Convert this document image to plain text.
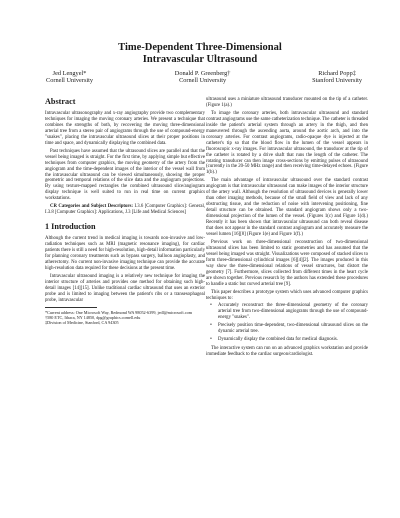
Time-Dependent Three-Dimensional
Intravascular Ultrasound
Jed Lengyel*
Cornell University
Donald P. Greenberg†
Cornell University
Richard Popp‡
Stanford University
Abstract

Intravascular ultrasonography and x-ray angiography provide two complementary techniques for imaging the moving coronary arteries. We present a technique that combines the strengths of both, by recovering the moving three-dimensional arterial tree from a stereo pair of angiograms through the use of compound-energy "snakes", placing the intravascular ultrasound slices at their proper positions in time and space, and dynamically displaying the combined data.

Past techniques have assumed that the ultrasound slices are parallel and that the vessel being imaged is straight. For the first time, by applying simple but effective techniques from computer graphics, the moving geometry of the artery from the angiogram and the time-dependent images of the interior of the vessel wall from the intravascular ultrasound can be viewed simultaneously, showing the proper geometric and temporal relations of the slice data and the angiogram projections. By using texture-mapped rectangles the combined ultrasound slice/angiogram display technique is well suited to run in real time on current graphics workstations.

CR Categories and Subject Descriptors: I.3.6 [Computer Graphics]: General, I.3.8 [Computer Graphics]: Applications, J.3 [Life and Medical Sciences]

1 Introduction

Although the current trend in medical imaging is towards non-invasive and low-radiation techniques such as MRI (magnetic resonance imaging), for cardiac patients there is still a need for high-resolution, high-detail information particularly for planning coronary treatments such as bypass surgery, balloon angioplasty, and atherectomy. No current non-invasive imaging technique can provide the accurate high-resolution data required for these decisions at the present time.

Intravascular ultrasound imaging is a relatively new technique for imaging the interior structure of arteries and provides one method for obtaining such high-detail images [14][15]. Unlike traditional cardiac ultrasound that uses an exterior probe and is limited to imaging between the patient's ribs or a transesophageal probe, intravascular

*Current address: One Microsoft Way, Redmond WA 98052-6399, jedl@microsoft.com

†580 ETC, Ithaca, NY 14850, dpg@graphics.cornell.edu

‡Division of Medicine, Stanford, CA 94305

ultrasound uses a miniature ultrasound transducer mounted on the tip of a catheter. (Figure 1(a).)

To image the coronary arteries, both intravascular ultrasound and standard contrast angiograms use the same catheterization technique. The catheter is threaded inside the patient's arterial system through an artery in the thigh, and then maneuvered through the ascending aorta, around the aortic arch, and into the coronary arteries. For contrast angiograms, radio-opaque dye is injected at the catheter's tip so that the blood flow in the lumen of the vessel appears in fluoroscopic x-ray images. For intravascular ultrasound, the transducer at the tip of the catheter is rotated by a drive shaft that runs the length of the catheter. The rotating transducer can then image cross-sections by emitting pulses of ultrasound (currently in the 20-50 MHz range) and then receiving time-delayed echoes. (Figure 1(b).)

The main advantage of intravascular ultrasound over the standard contrast angiogram is that intravascular ultrasound can make images of the interior structure of the artery wall. Although the resolution of ultrasound devices is generally lower than other imaging methods, because of the small field of view and lack of any obstructing tissue, and the reduction of noise with intervening positioning, fine detail structure can be obtained. The standard angiogram shows only a two-dimensional projection of the lumen of the vessel. (Figures 1(c) and Figure 1(d).) Recently it has been shown that intravascular ultrasound can both reveal disease that does not appear in the standard contrast angiogram and accurately measure the vessel lumen [16][8] (Figure 1(e) and Figure 1(f).)

Previous work on three-dimensional reconstruction of two-dimensional ultrasound slices has been limited to static geometries and has assumed that the vessel being imaged was straight. Visualizations were composed of stacked slices to form three-dimensional cylindrical images [6][4][2]. The images produced in this way show the three-dimensional relations of vessel structures, but distort the geometry [7]. Furthermore, slices collected from different times in the heart cycle are shown together. Previous research by the authors has extended these procedures to handle a static but curved arterial tree [9].

This paper describes a prototype system which uses advanced computer graphics techniques to:

• Accurately reconstruct the three-dimensional geometry of the coronary arterial tree from two-dimensional angiograms through the use of compound-energy "snakes".
• Precisely position time-dependent, two-dimensional ultrasound slices on the dynamic arterial tree.
• Dynamically display the combined data for medical diagnosis.

The interactive system can run on an advanced graphics workstation and provide immediate feedback to the cardiac surgeon/cardiologist.
